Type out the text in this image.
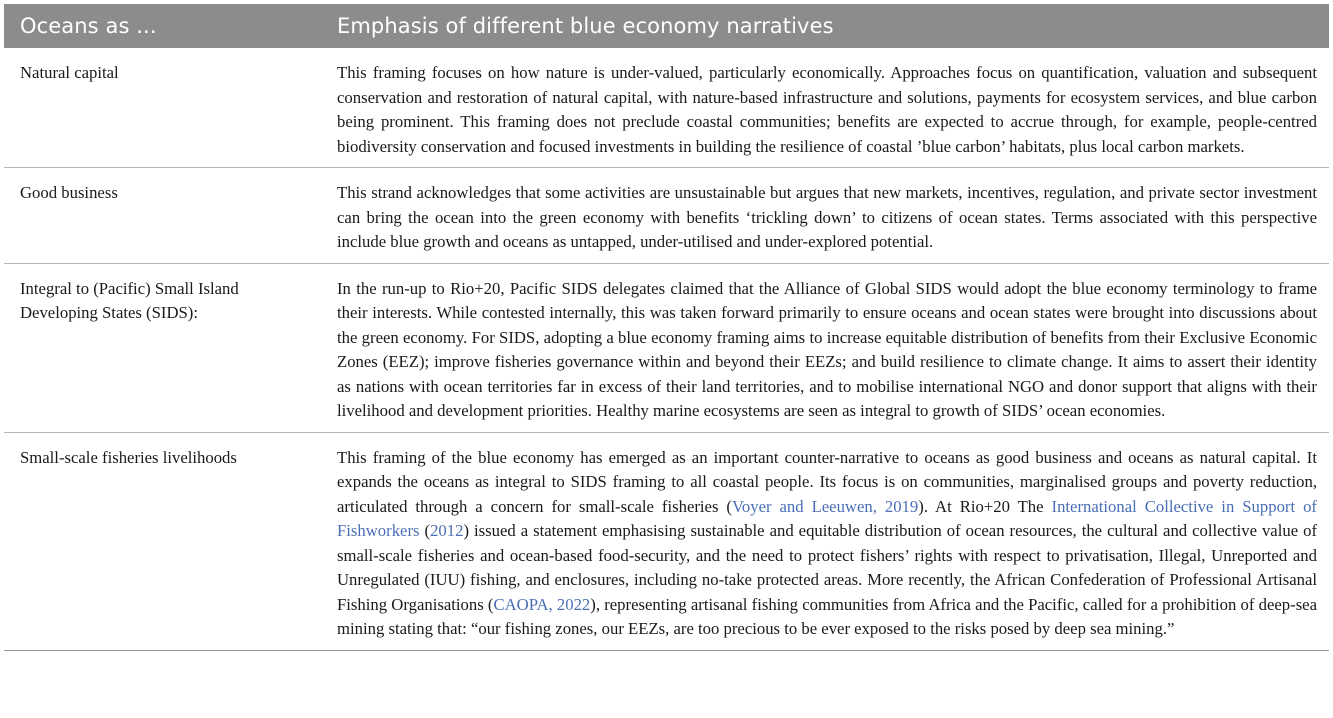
Oceans as ...	Emphasis of different blue economy narratives
Natural capital	This framing focuses on how nature is under-valued, particularly economically. Approaches focus on quantification, valuation and subsequent conservation and restoration of natural capital, with nature-based infrastructure and solutions, payments for ecosystem services, and blue carbon being prominent. This framing does not preclude coastal communities; benefits are expected to accrue through, for example, people-centred biodiversity conservation and focused investments in building the resilience of coastal ’blue carbon’ habitats, plus local carbon markets.
Good business	This strand acknowledges that some activities are unsustainable but argues that new markets, incentives, regulation, and private sector investment can bring the ocean into the green economy with benefits ‘trickling down’ to citizens of ocean states. Terms associated with this perspective include blue growth and oceans as untapped, under-utilised and under-explored potential.
Integral to (Pacific) Small Island Developing States (SIDS):	In the run-up to Rio+20, Pacific SIDS delegates claimed that the Alliance of Global SIDS would adopt the blue economy terminology to frame their interests. While contested internally, this was taken forward primarily to ensure oceans and ocean states were brought into discussions about the green economy. For SIDS, adopting a blue economy framing aims to increase equitable distribution of benefits from their Exclusive Economic Zones (EEZ); improve fisheries governance within and beyond their EEZs; and build resilience to climate change. It aims to assert their identity as nations with ocean territories far in excess of their land territories, and to mobilise international NGO and donor support that aligns with their livelihood and development priorities. Healthy marine ecosystems are seen as integral to growth of SIDS’ ocean economies.
Small-scale fisheries livelihoods	This framing of the blue economy has emerged as an important counter-narrative to oceans as good business and oceans as natural capital. It expands the oceans as integral to SIDS framing to all coastal people. Its focus is on communities, marginalised groups and poverty reduction, articulated through a concern for small-scale fisheries (Voyer and Leeuwen, 2019). At Rio+20 The International Collective in Support of Fishworkers (2012) issued a statement emphasising sustainable and equitable distribution of ocean resources, the cultural and collective value of small-scale fisheries and ocean-based food-security, and the need to protect fishers’ rights with respect to privatisation, Illegal, Unreported and Unregulated (IUU) fishing, and enclosures, including no-take protected areas. More recently, the African Confederation of Professional Artisanal Fishing Organisations (CAOPA, 2022), representing artisanal fishing communities from Africa and the Pacific, called for a prohibition of deep-sea mining stating that: “our fishing zones, our EEZs, are too precious to be ever exposed to the risks posed by deep sea mining.”
